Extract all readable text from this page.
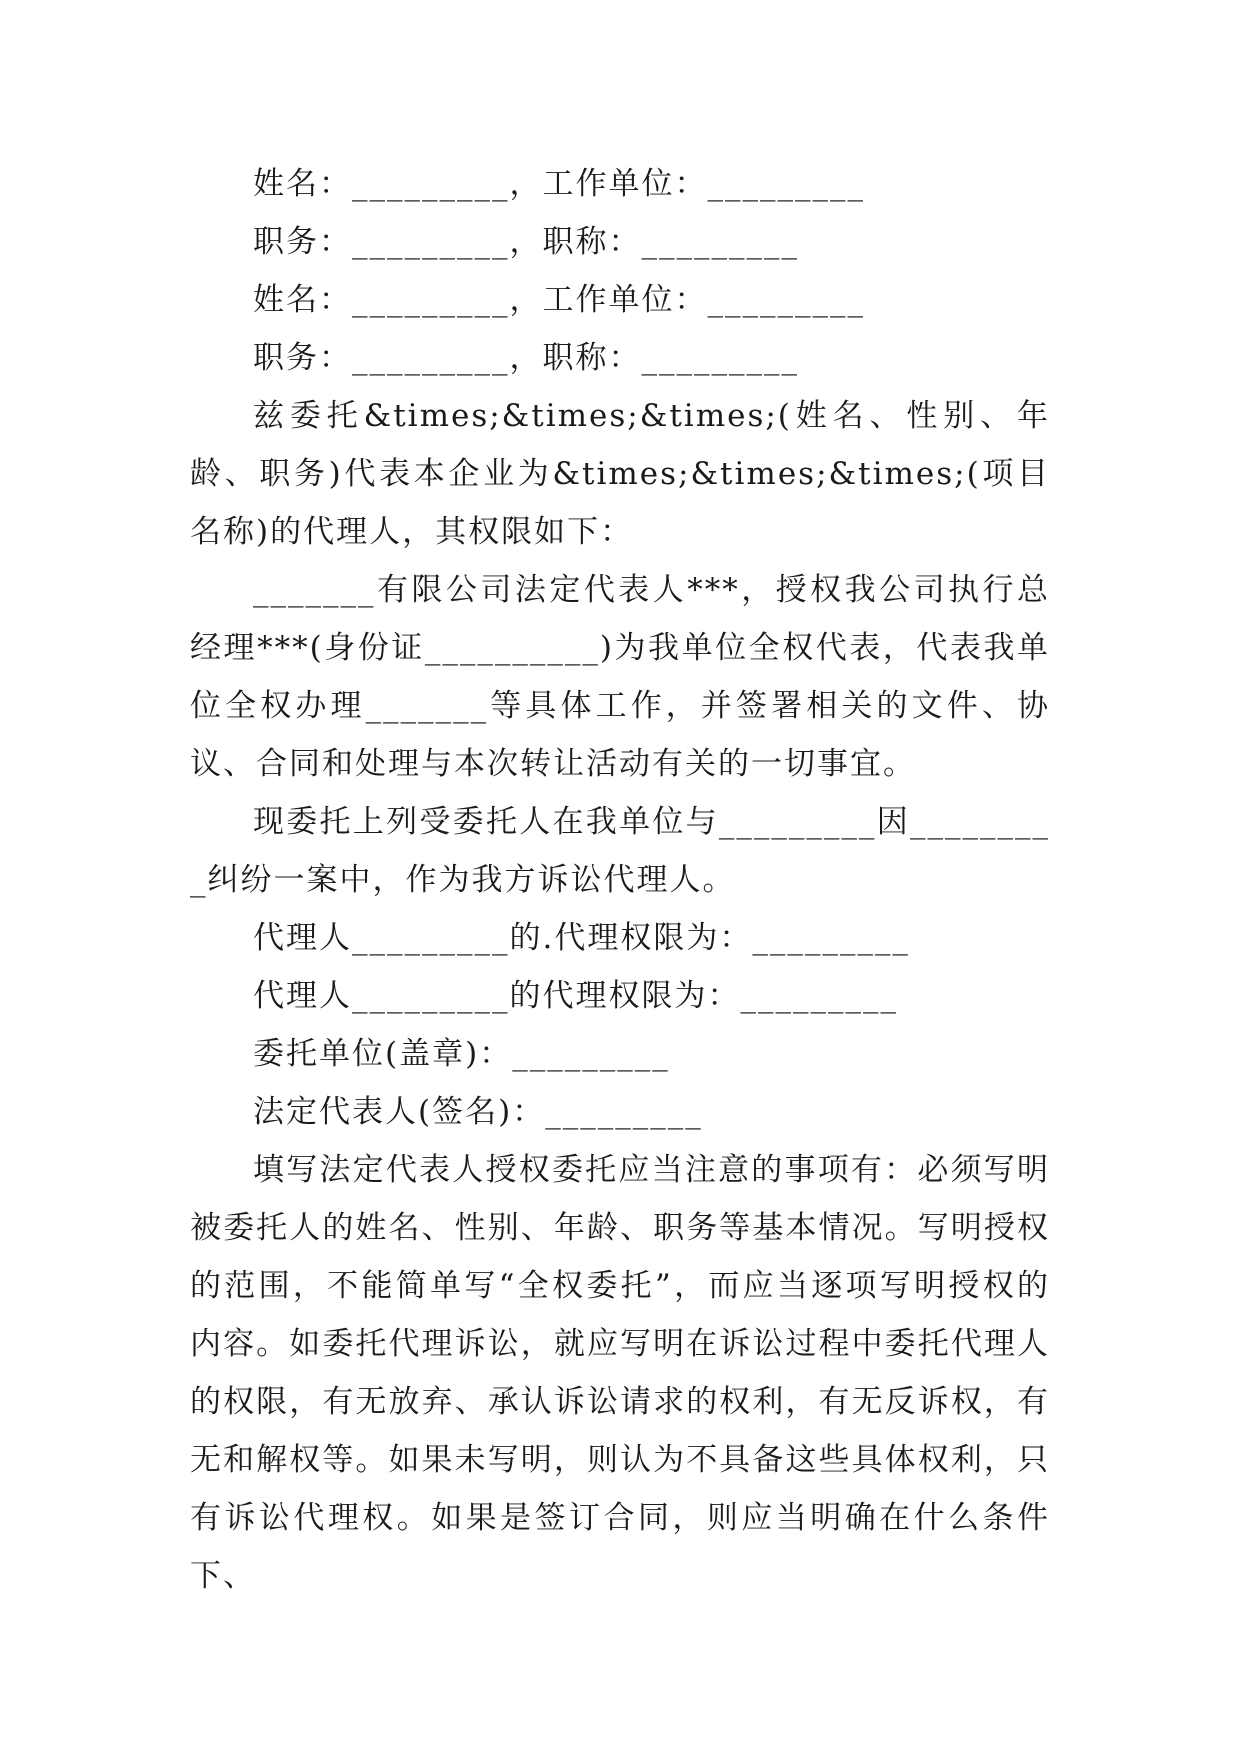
姓名：_________，工作单位：_________

职务：_________，职称：_________

姓名：_________，工作单位：_________

职务：_________，职称：_________

兹委托&times;&times;&times;(姓名、性别、年龄、职务)代表本企业为&times;&times;&times;(项目名称)的代理人，其权限如下：

_______有限公司法定代表人***，授权我公司执行总经理***(身份证__________)为我单位全权代表，代表我单位全权办理_______等具体工作，并签署相关的文件、协议、合同和处理与本次转让活动有关的一切事宜。

现委托上列受委托人在我单位与_________因_________纠纷一案中，作为我方诉讼代理人。

代理人_________的.代理权限为：_________

代理人_________的代理权限为：_________

委托单位(盖章)：_________

法定代表人(签名)：_________

填写法定代表人授权委托应当注意的事项有：必须写明被委托人的姓名、性别、年龄、职务等基本情况。写明授权的范围，不能简单写“全权委托”，而应当逐项写明授权的内容。如委托代理诉讼，就应写明在诉讼过程中委托代理人的权限，有无放弃、承认诉讼请求的权利，有无反诉权，有无和解权等。如果未写明，则认为不具备这些具体权利，只有诉讼代理权。如果是签订合同，则应当明确在什么条件下、
